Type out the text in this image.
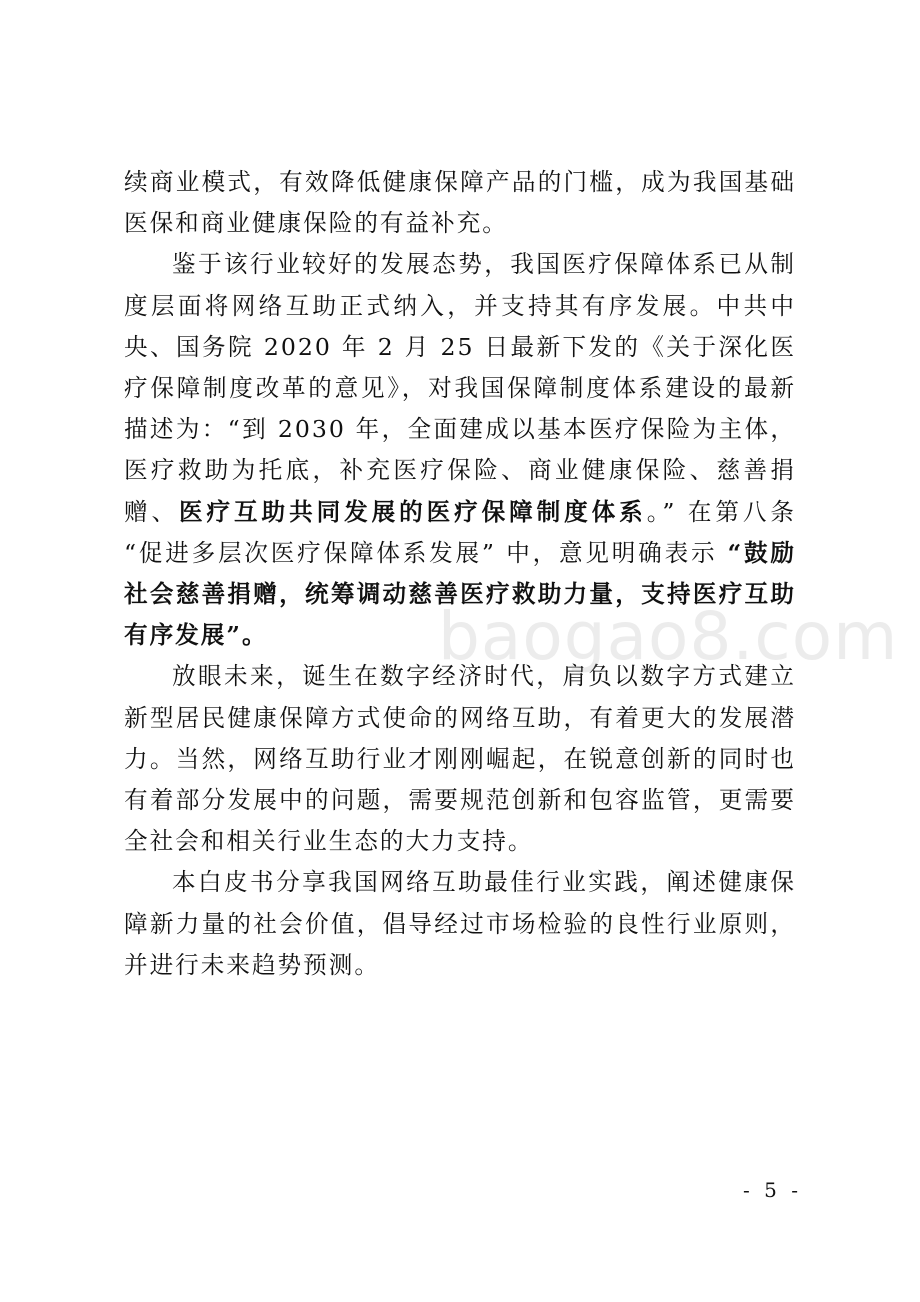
续商业模式，有效降低健康保障产品的门槛，成为我国基础医保和商业健康保险的有益补充。

鉴于该行业较好的发展态势，我国医疗保障体系已从制度层面将网络互助正式纳入，并支持其有序发展。中共中央、国务院 2020 年 2 月 25 日最新下发的《关于深化医疗保障制度改革的意见》，对我国保障制度体系建设的最新描述为：“到 2030 年，全面建成以基本医疗保险为主体，医疗救助为托底，补充医疗保险、商业健康保险、慈善捐赠、医疗互助共同发展的医疗保障制度体系。” 在第八条 “促进多层次医疗保障体系发展” 中，意见明确表示 “鼓励社会慈善捐赠，统筹调动慈善医疗救助力量，支持医疗互助有序发展”。

放眼未来，诞生在数字经济时代，肩负以数字方式建立新型居民健康保障方式使命的网络互助，有着更大的发展潜力。当然，网络互助行业才刚刚崛起，在锐意创新的同时也有着部分发展中的问题，需要规范创新和包容监管，更需要全社会和相关行业生态的大力支持。

本白皮书分享我国网络互助最佳行业实践，阐述健康保障新力量的社会价值，倡导经过市场检验的良性行业原则，并进行未来趋势预测。

baogao8.com
- 5 -
